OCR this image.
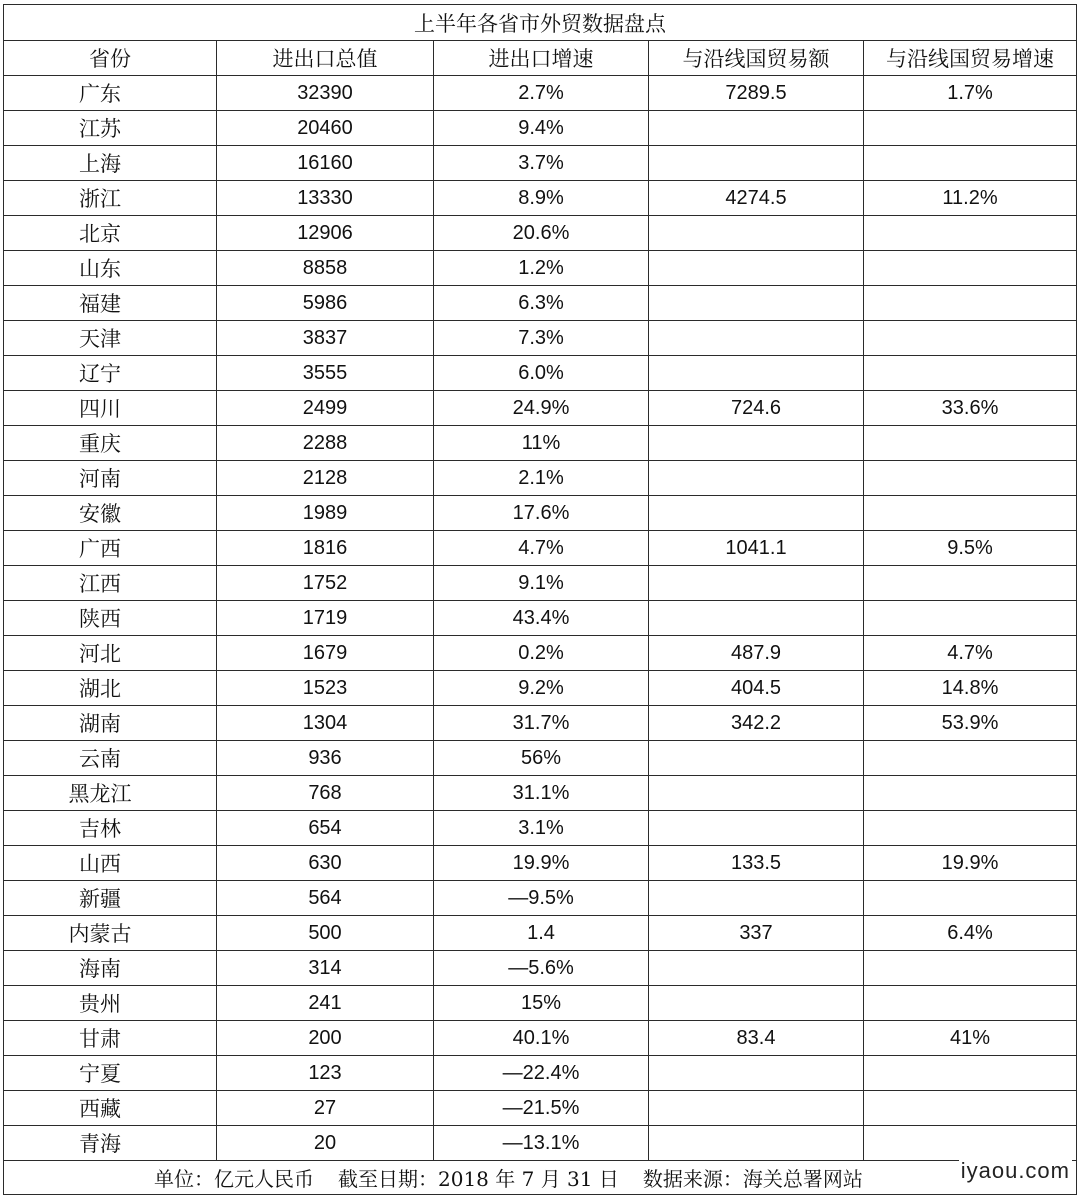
上半年各省市外贸数据盘点				
省份	进出口总值	进出口增速	与沿线国贸易额	与沿线国贸易增速
广东	32390	2.7%	7289.5	1.7%
江苏	20460	9.4%		
上海	16160	3.7%		
浙江	13330	8.9%	4274.5	11.2%
北京	12906	20.6%		
山东	8858	1.2%		
福建	5986	6.3%		
天津	3837	7.3%		
辽宁	3555	6.0%		
四川	2499	24.9%	724.6	33.6%
重庆	2288	11%		
河南	2128	2.1%		
安徽	1989	17.6%		
广西	1816	4.7%	1041.1	9.5%
江西	1752	9.1%		
陕西	1719	43.4%		
河北	1679	0.2%	487.9	4.7%
湖北	1523	9.2%	404.5	14.8%
湖南	1304	31.7%	342.2	53.9%
云南	936	56%		
黑龙江	768	31.1%		
吉林	654	3.1%		
山西	630	19.9%	133.5	19.9%
新疆	564	—9.5%		
内蒙古	500	1.4	337	6.4%
海南	314	—5.6%		
贵州	241	15%		
甘肃	200	40.1%	83.4	41%
宁夏	123	—22.4%		
西藏	27	—21.5%		
青海	20	—13.1%		
单位：亿元人民币 截至日期：2018 年 7 月 31 日 数据来源：海关总署网站					iyaou.com
